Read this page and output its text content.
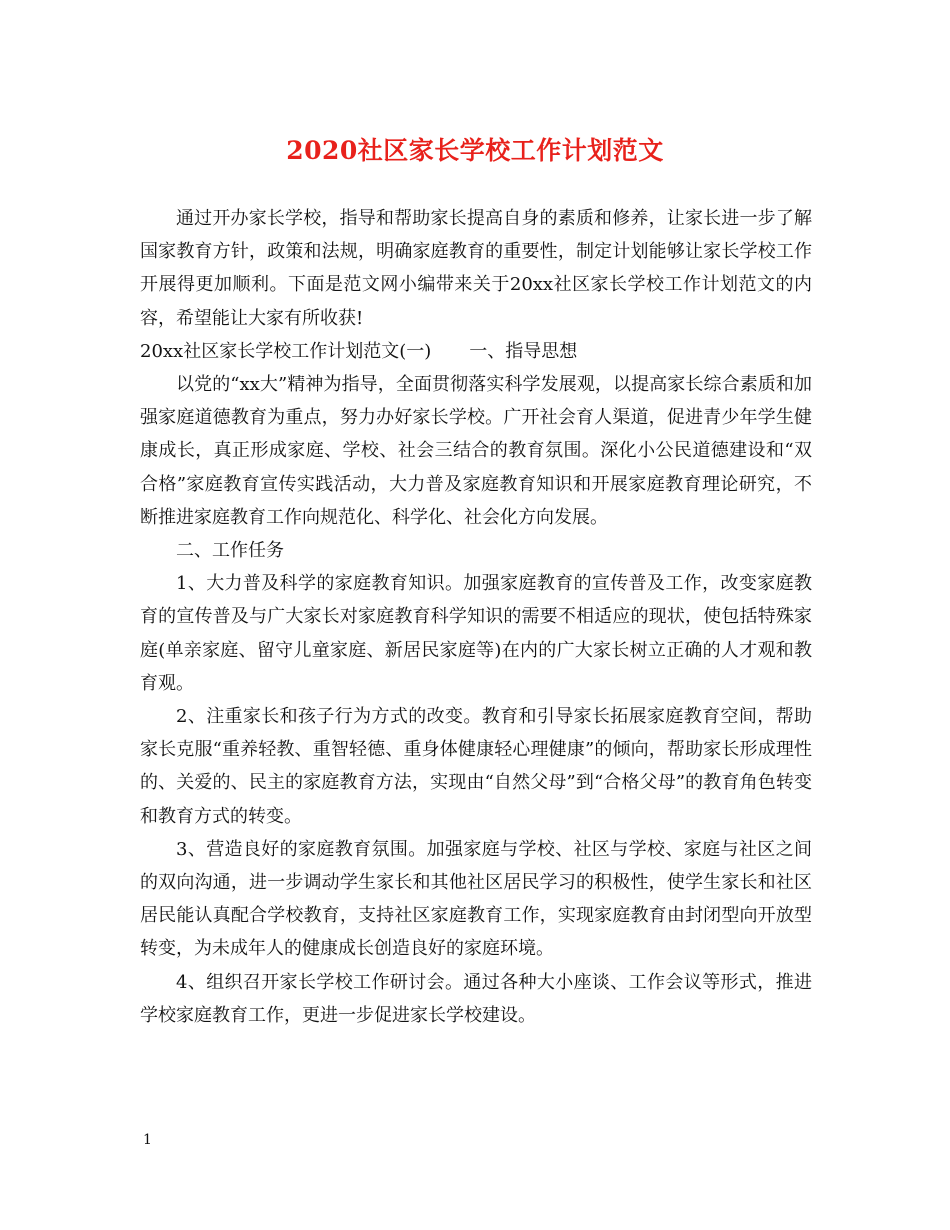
2020社区家长学校工作计划范文

通过开办家长学校，指导和帮助家长提高自身的素质和修养，让家长进一步了解国家教育方针，政策和法规，明确家庭教育的重要性，制定计划能够让家长学校工作开展得更加顺利。下面是范文网小编带来关于20xx社区家长学校工作计划范文的内容，希望能让大家有所收获!

20xx社区家长学校工作计划范文(一) 一、指导思想

以党的“xx大”精神为指导，全面贯彻落实科学发展观，以提高家长综合素质和加强家庭道德教育为重点，努力办好家长学校。广开社会育人渠道，促进青少年学生健康成长，真正形成家庭、学校、社会三结合的教育氛围。深化小公民道德建设和“双合格”家庭教育宣传实践活动，大力普及家庭教育知识和开展家庭教育理论研究，不断推进家庭教育工作向规范化、科学化、社会化方向发展。

二、工作任务

1、大力普及科学的家庭教育知识。加强家庭教育的宣传普及工作，改变家庭教育的宣传普及与广大家长对家庭教育科学知识的需要不相适应的现状，使包括特殊家庭(单亲家庭、留守儿童家庭、新居民家庭等)在内的广大家长树立正确的人才观和教育观。

2、注重家长和孩子行为方式的改变。教育和引导家长拓展家庭教育空间，帮助家长克服“重养轻教、重智轻德、重身体健康轻心理健康”的倾向，帮助家长形成理性的、关爱的、民主的家庭教育方法，实现由“自然父母”到“合格父母”的教育角色转变和教育方式的转变。

3、营造良好的家庭教育氛围。加强家庭与学校、社区与学校、家庭与社区之间的双向沟通，进一步调动学生家长和其他社区居民学习的积极性，使学生家长和社区居民能认真配合学校教育，支持社区家庭教育工作，实现家庭教育由封闭型向开放型转变，为未成年人的健康成长创造良好的家庭环境。

4、组织召开家长学校工作研讨会。通过各种大小座谈、工作会议等形式，推进学校家庭教育工作，更进一步促进家长学校建设。

1
